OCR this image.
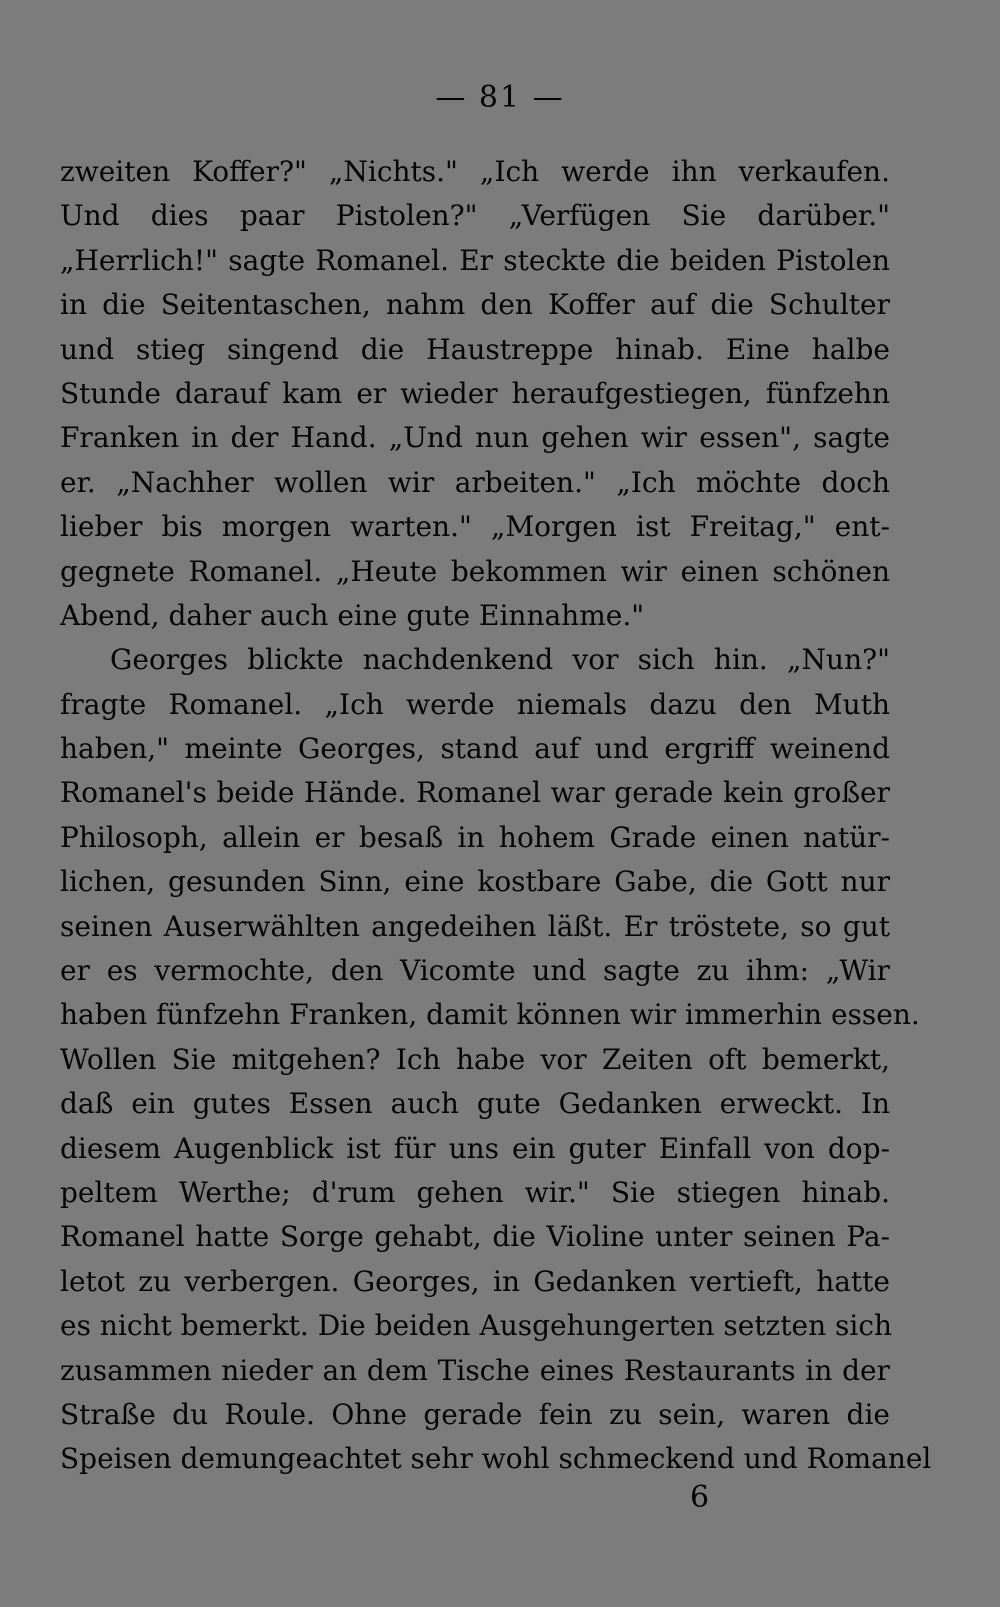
— 81 —
zweiten Koffer?" „Nichts." „Ich werde ihn verkaufen.
Und dies paar Pistolen?" „Verfügen Sie darüber."
„Herrlich!" sagte Romanel. Er steckte die beiden Pistolen
in die Seitentaschen, nahm den Koffer auf die Schulter
und stieg singend die Haustreppe hinab. Eine halbe
Stunde darauf kam er wieder heraufgestiegen, fünfzehn
Franken in der Hand. „Und nun gehen wir essen", sagte
er. „Nachher wollen wir arbeiten." „Ich möchte doch
lieber bis morgen warten." „Morgen ist Freitag," ent-
gegnete Romanel. „Heute bekommen wir einen schönen
Abend, daher auch eine gute Einnahme."
Georges blickte nachdenkend vor sich hin. „Nun?"
fragte Romanel. „Ich werde niemals dazu den Muth
haben," meinte Georges, stand auf und ergriff weinend
Romanel's beide Hände. Romanel war gerade kein großer
Philosoph, allein er besaß in hohem Grade einen natür-
lichen, gesunden Sinn, eine kostbare Gabe, die Gott nur
seinen Auserwählten angedeihen läßt. Er tröstete, so gut
er es vermochte, den Vicomte und sagte zu ihm: „Wir
haben fünfzehn Franken, damit können wir immerhin essen.
Wollen Sie mitgehen? Ich habe vor Zeiten oft bemerkt,
daß ein gutes Essen auch gute Gedanken erweckt. In
diesem Augenblick ist für uns ein guter Einfall von dop-
peltem Werthe; d'rum gehen wir." Sie stiegen hinab.
Romanel hatte Sorge gehabt, die Violine unter seinen Pa-
letot zu verbergen. Georges, in Gedanken vertieft, hatte
es nicht bemerkt. Die beiden Ausgehungerten setzten sich
zusammen nieder an dem Tische eines Restaurants in der
Straße du Roule. Ohne gerade fein zu sein, waren die
Speisen demungeachtet sehr wohl schmeckend und Romanel
6
